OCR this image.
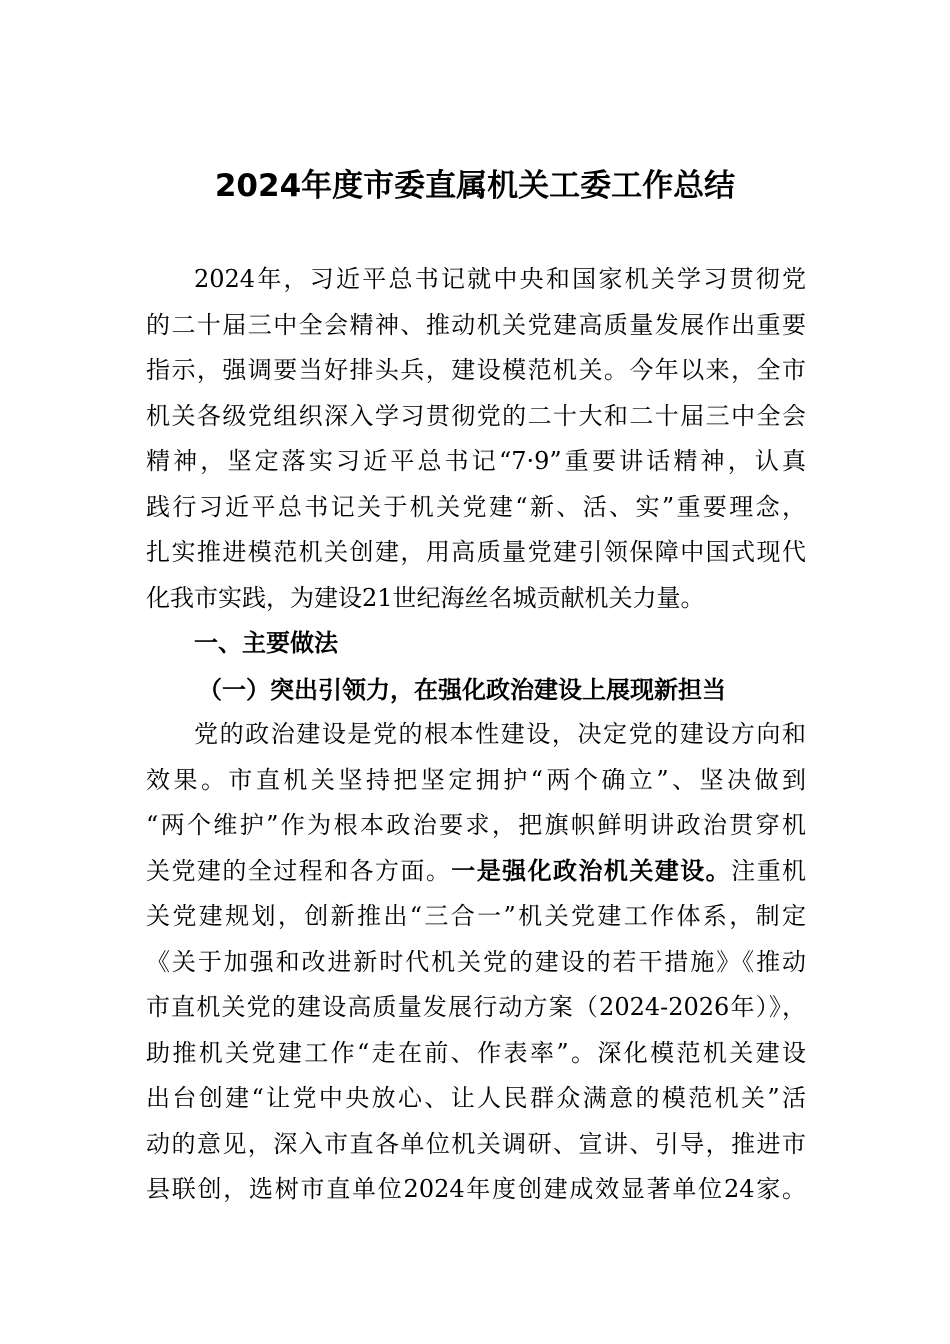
2024年度市委直属机关工委工作总结
2024年，习近平总书记就中央和国家机关学习贯彻党
的二十届三中全会精神、推动机关党建高质量发展作出重要
指示，强调要当好排头兵，建设模范机关。今年以来，全市
机关各级党组织深入学习贯彻党的二十大和二十届三中全会
精神，坚定落实习近平总书记“7·9”重要讲话精神，认真
践行习近平总书记关于机关党建“新、活、实”重要理念，
扎实推进模范机关创建，用高质量党建引领保障中国式现代
化我市实践，为建设21世纪海丝名城贡献机关力量。
一、主要做法
（一）突出引领力，在强化政治建设上展现新担当
党的政治建设是党的根本性建设，决定党的建设方向和
效果。市直机关坚持把坚定拥护“两个确立”、坚决做到
“两个维护”作为根本政治要求，把旗帜鲜明讲政治贯穿机
关党建的全过程和各方面。一是强化政治机关建设。注重机
关党建规划，创新推出“三合一”机关党建工作体系，制定
《关于加强和改进新时代机关党的建设的若干措施》《推动
市直机关党的建设高质量发展行动方案（2024-2026年）》，
助推机关党建工作“走在前、作表率”。深化模范机关建设
出台创建“让党中央放心、让人民群众满意的模范机关”活
动的意见，深入市直各单位机关调研、宣讲、引导，推进市
县联创，选树市直单位2024年度创建成效显著单位24家。
